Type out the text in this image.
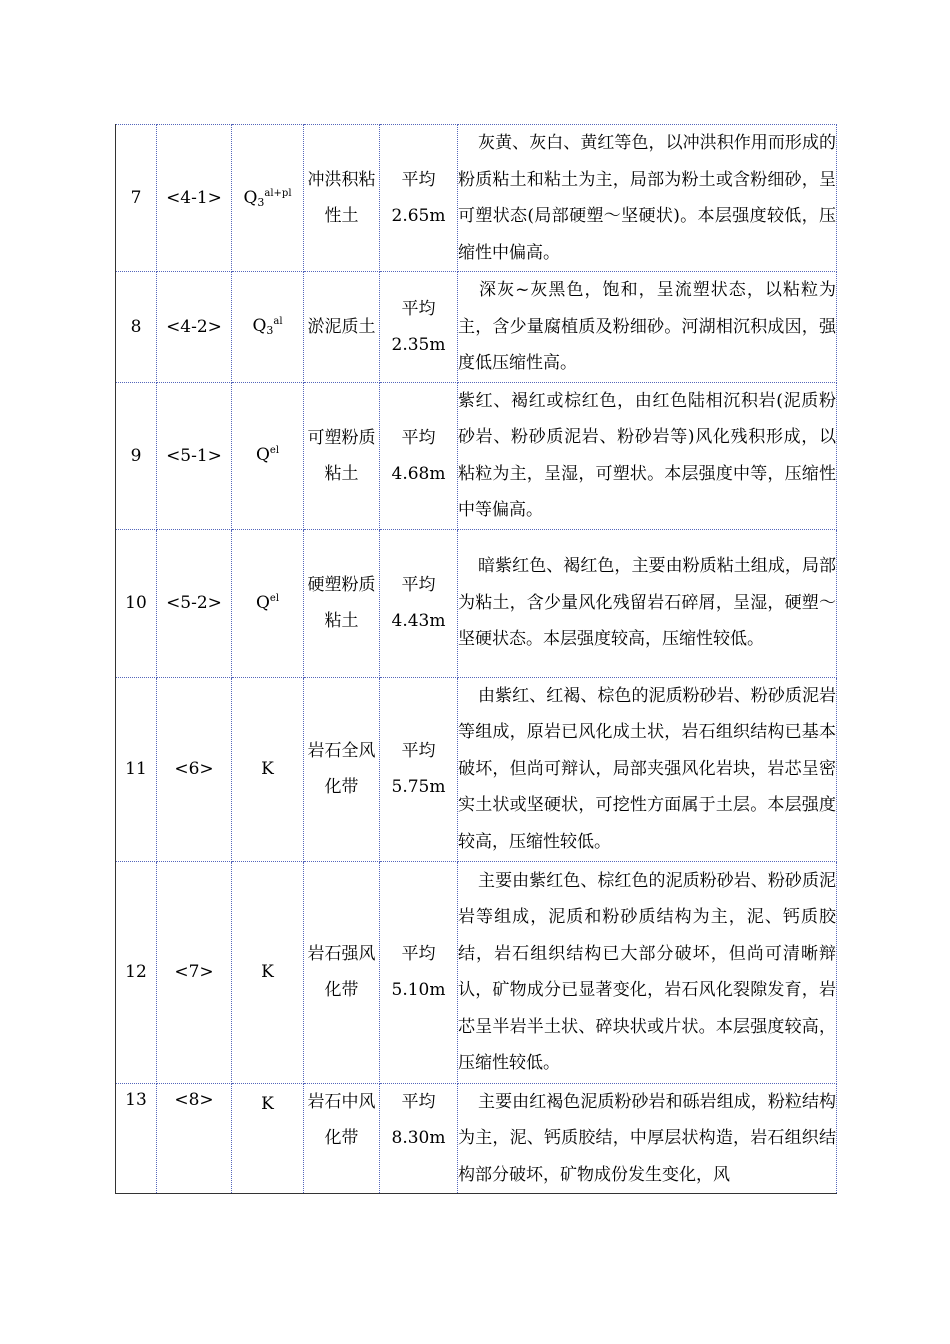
7	<4-1>	$Q_3^{al+pl}$	冲洪积粘性土	平均2.65m	灰黄、灰白、黄红等色，以冲洪积作用而形成的粉质粘土和粘土为主，局部为粉土或含粉细砂，呈可塑状态(局部硬塑～坚硬状)。本层强度较低，压缩性中偏高。
8	<4-2>	$Q_3^{al}$	淤泥质土	平均2.35m	深灰~灰黑色，饱和，呈流塑状态，以粘粒为主，含少量腐植质及粉细砂。河湖相沉积成因，强度低压缩性高。
9	<5-1>	$Q^{el}$	可塑粉质粘土	平均4.68m	紫红、褐红或棕红色，由红色陆相沉积岩(泥质粉砂岩、粉砂质泥岩、粉砂岩等)风化残积形成，以粘粒为主，呈湿，可塑状。本层强度中等，压缩性中等偏高。
10	<5-2>	$Q^{el}$	硬塑粉质粘土	平均4.43m	暗紫红色、褐红色，主要由粉质粘土组成，局部为粘土，含少量风化残留岩石碎屑，呈湿，硬塑～坚硬状态。本层强度较高，压缩性较低。
11	<6>	K	岩石全风化带	平均5.75m	由紫红、红褐、棕色的泥质粉砂岩、粉砂质泥岩等组成，原岩已风化成土状，岩石组织结构已基本破坏，但尚可辩认，局部夹强风化岩块，岩芯呈密实土状或坚硬状，可挖性方面属于土层。本层强度较高，压缩性较低。
12	<7>	K	岩石强风化带	平均5.10m	主要由紫红色、棕红色的泥质粉砂岩、粉砂质泥岩等组成，泥质和粉砂质结构为主，泥、钙质胶结，岩石组织结构已大部分破坏，但尚可清晰辩认，矿物成分已显著变化，岩石风化裂隙发育，岩芯呈半岩半土状、碎块状或片状。本层强度较高，压缩性较低。
13	<8>	K	岩石中风化带	平均8.30m	主要由红褐色泥质粉砂岩和砾岩组成，粉粒结构为主，泥、钙质胶结，中厚层状构造，岩石组织结构部分破坏，矿物成份发生变化，风
